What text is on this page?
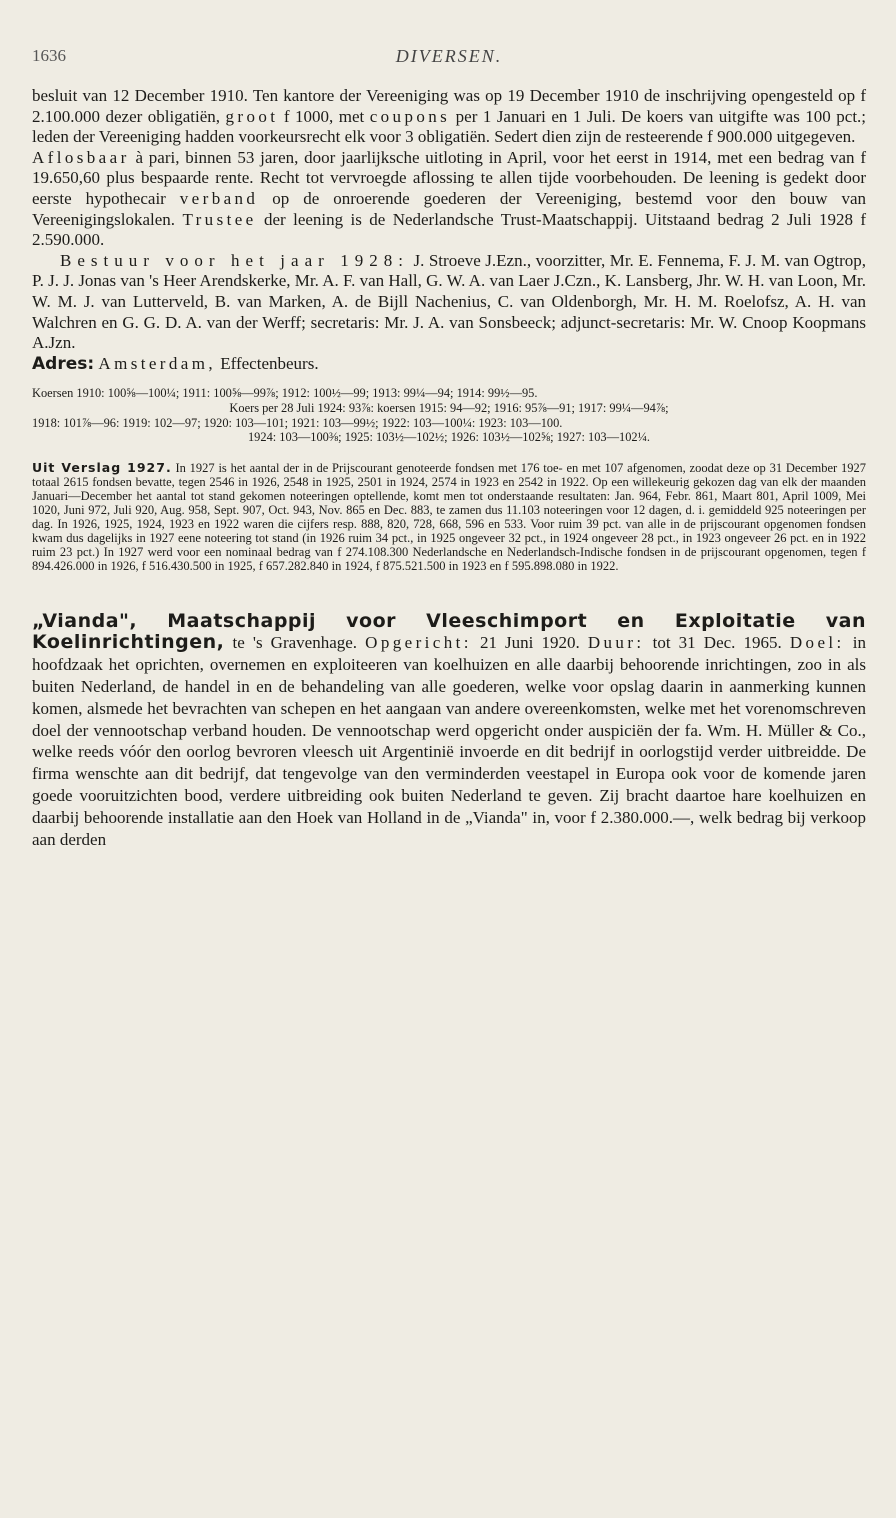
1636	DIVERSEN.

besluit van 12 December 1910. Ten kantore der Vereeniging was op 19 December 1910 de inschrijving opengesteld op f 2.100.000 dezer obligatiën, groot f 1000, met coupons per 1 Januari en 1 Juli. De koers van uitgifte was 100 pct.; leden der Vereeniging hadden voorkeursrecht elk voor 3 obligatiën. Sedert dien zijn de resteerende f 900.000 uitgegeven.

Aflosbaar à pari, binnen 53 jaren, door jaarlijksche uitloting in April, voor het eerst in 1914, met een bedrag van f 19.650,60 plus bespaarde rente. Recht tot vervroegde aflossing te allen tijde voorbehouden. De leening is gedekt door eerste hypothecair verband op de onroerende goederen der Vereeniging, bestemd voor den bouw van Vereenigingslokalen. Trustee der leening is de Nederlandsche Trust-Maatschappij. Uitstaand bedrag 2 Juli 1928 f 2.590.000.

Bestuur voor het jaar 1928: J. Stroeve J.Ezn., voorzitter, Mr. E. Fennema, F. J. M. van Ogtrop, P. J. J. Jonas van 's Heer Arendskerke, Mr. A. F. van Hall, G. W. A. van Laer J.Czn., K. Lansberg, Jhr. W. H. van Loon, Mr. W. M. J. van Lutterveld, B. van Marken, A. de Bijll Nachenius, C. van Oldenborgh, Mr. H. M. Roelofsz, A. H. van Walchren en G. G. D. A. van der Werff; secretaris: Mr. J. A. van Sonsbeeck; adjunct-secretaris: Mr. W. Cnoop Koopmans A.Jzn.

Adres: Amsterdam, Effectenbeurs.

Koersen 1910: 100⅝—100¼; 1911: 100⅝—99⅞; 1912: 100½—99; 1913: 99¼—94; 1914: 99½—95.

Koers per 28 Juli 1924: 93⅞: koersen 1915: 94—92; 1916: 95⅞—91; 1917: 99¼—94⅞;

1918: 101⅞—96: 1919: 102—97; 1920: 103—101; 1921: 103—99½; 1922: 103—100¼: 1923: 103—100.

1924: 103—100⅜; 1925: 103½—102½; 1926: 103½—102⅝; 1927: 103—102¼.

Uit Verslag 1927. In 1927 is het aantal der in de Prijscourant genoteerde fondsen met 176 toe- en met 107 afgenomen, zoodat deze op 31 December 1927 totaal 2615 fondsen bevatte, tegen 2546 in 1926, 2548 in 1925, 2501 in 1924, 2574 in 1923 en 2542 in 1922. Op een willekeurig gekozen dag van elk der maanden Januari—December het aantal tot stand gekomen noteeringen optellende, komt men tot onderstaande resultaten: Jan. 964, Febr. 861, Maart 801, April 1009, Mei 1020, Juni 972, Juli 920, Aug. 958, Sept. 907, Oct. 943, Nov. 865 en Dec. 883, te zamen dus 11.103 noteeringen voor 12 dagen, d. i. gemiddeld 925 noteeringen per dag. In 1926, 1925, 1924, 1923 en 1922 waren die cijfers resp. 888, 820, 728, 668, 596 en 533. Voor ruim 39 pct. van alle in de prijscourant opgenomen fondsen kwam dus dagelijks in 1927 eene noteering tot stand (in 1926 ruim 34 pct., in 1925 ongeveer 32 pct., in 1924 ongeveer 28 pct., in 1923 ongeveer 26 pct. en in 1922 ruim 23 pct.) In 1927 werd voor een nominaal bedrag van f 274.108.300 Nederlandsche en Nederlandsch-Indische fondsen in de prijscourant opgenomen, tegen f 894.426.000 in 1926, f 516.430.500 in 1925, f 657.282.840 in 1924, f 875.521.500 in 1923 en f 595.898.080 in 1922.
„Vianda", Maatschappij voor Vleeschimport en Exploitatie van Koelinrichtingen, te 's Gravenhage. Opgericht: 21 Juni 1920. Duur: tot 31 Dec. 1965. Doel: in hoofdzaak het oprichten, overnemen en exploiteeren van koelhuizen en alle daarbij behoorende inrichtingen, zoo in als buiten Nederland, de handel in en de behandeling van alle goederen, welke voor opslag daarin in aanmerking kunnen komen, alsmede het bevrachten van schepen en het aangaan van andere overeenkomsten, welke met het vorenomschreven doel der vennootschap verband houden. De vennootschap werd opgericht onder auspiciën der fa. Wm. H. Müller & Co., welke reeds vóór den oorlog bevroren vleesch uit Argentinië invoerde en dit bedrijf in oorlogstijd verder uitbreidde. De firma wenschte aan dit bedrijf, dat tengevolge van den verminderden veestapel in Europa ook voor de komende jaren goede vooruitzichten bood, verdere uitbreiding ook buiten Nederland te geven. Zij bracht daartoe hare koelhuizen en daarbij behoorende installatie aan den Hoek van Holland in de „Vianda" in, voor f 2.380.000.—, welk bedrag bij verkoop aan derden
